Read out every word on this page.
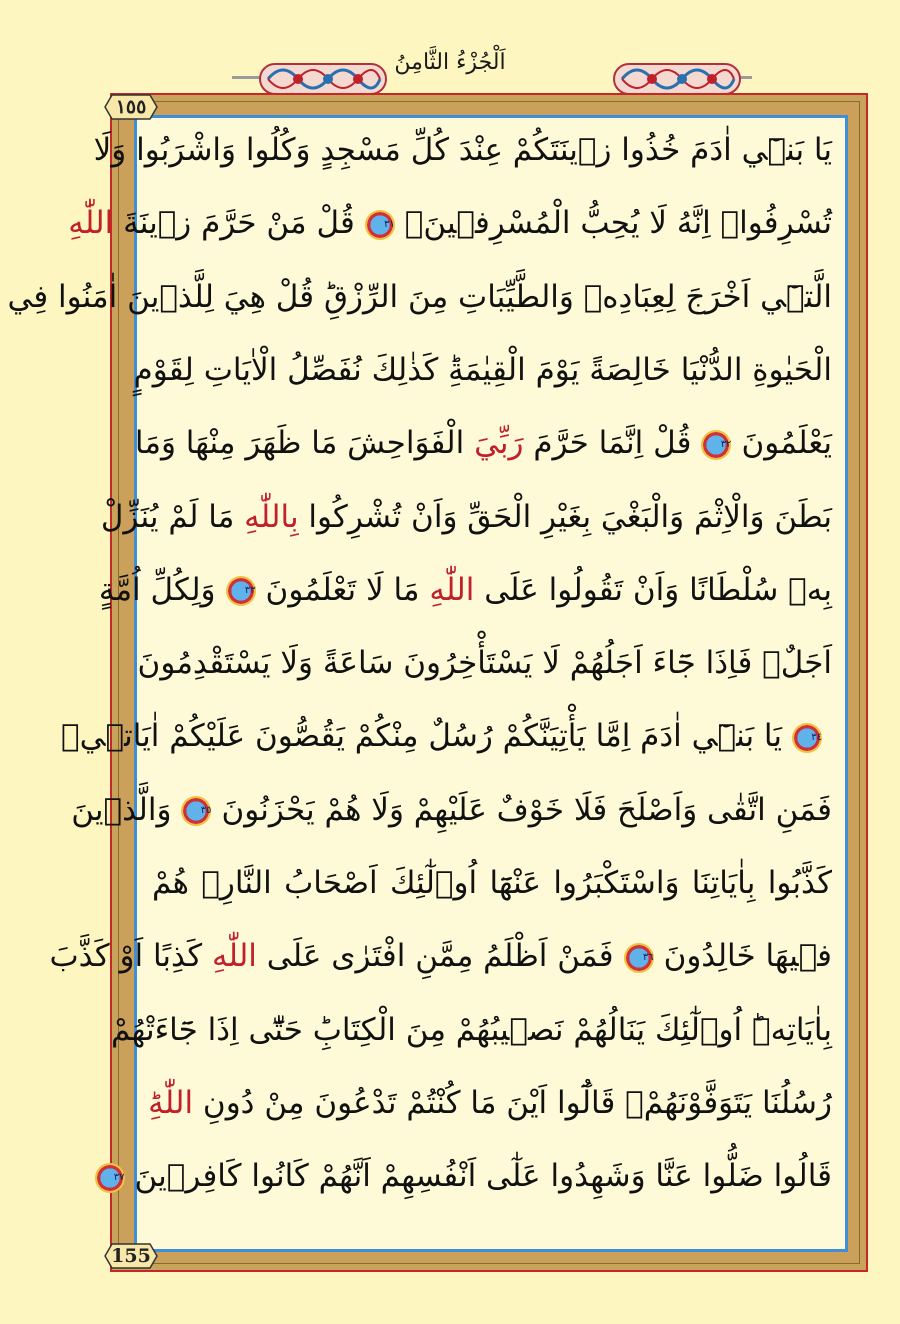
اَلْجُزْءُ الثَّامِنُ
١٥٥
155
يَا بَنٖٓي اٰدَمَ خُذُوا زٖينَتَكُمْ عِنْدَ كُلِّ مَسْجِدٍ وَكُلُوا وَاشْرَبُوا وَلَا
تُسْرِفُواۚ اِنَّهُ لَا يُحِبُّ الْمُسْرِفٖينَ۟
٣١
قُلْ مَنْ حَرَّمَ زٖينَةَ اللّٰهِ
الَّتٖٓي اَخْرَجَ لِعِبَادِهٖ وَالطَّيِّبَاتِ مِنَ الرِّزْقِؕ قُلْ هِيَ لِلَّذٖينَ اٰمَنُوا فِي
الْحَيٰوةِ الدُّنْيَا خَالِصَةً يَوْمَ الْقِيٰمَةِؕ كَذٰلِكَ نُفَصِّلُ الْاٰيَاتِ لِقَوْمٍ
يَعْلَمُونَ
٣٢
قُلْ اِنَّمَا حَرَّمَ رَبِّيَ الْفَوَاحِشَ مَا ظَهَرَ مِنْهَا وَمَا
بَطَنَ وَالْاِثْمَ وَالْبَغْيَ بِغَيْرِ الْحَقِّ وَاَنْ تُشْرِكُوا بِاللّٰهِ مَا لَمْ يُنَزِّلْ
بِهٖ سُلْطَانًا وَاَنْ تَقُولُوا عَلَى اللّٰهِ مَا لَا تَعْلَمُونَ
٣٣
وَلِكُلِّ اُمَّةٍ
اَجَلٌۚ فَاِذَا جَٓاءَ اَجَلُهُمْ لَا يَسْتَأْخِرُونَ سَاعَةً وَلَا يَسْتَقْدِمُونَ
٣٤
يَا بَنٖٓي اٰدَمَ اِمَّا يَأْتِيَنَّكُمْ رُسُلٌ مِنْكُمْ يَقُصُّونَ عَلَيْكُمْ اٰيَاتٖيۙ
فَمَنِ اتَّقٰى وَاَصْلَحَ فَلَا خَوْفٌ عَلَيْهِمْ وَلَا هُمْ يَحْزَنُونَ
٣٥
وَالَّذٖينَ
كَذَّبُوا بِاٰيَاتِنَا وَاسْتَكْبَرُوا عَنْهَٓا اُو۬لٰٓئِكَ اَصْحَابُ النَّارِۚ هُمْ
فٖيهَا خَالِدُونَ
٣٦
فَمَنْ اَظْلَمُ مِمَّنِ افْتَرٰى عَلَى اللّٰهِ كَذِبًا اَوْ كَذَّبَ
بِاٰيَاتِهٖؕ اُو۬لٰٓئِكَ يَنَالُهُمْ نَصٖيبُهُمْ مِنَ الْكِتَابِؕ حَتّٰٓى اِذَا جَٓاءَتْهُمْ
رُسُلُنَا يَتَوَفَّوْنَهُمْۙ قَالُٓوا اَيْنَ مَا كُنْتُمْ تَدْعُونَ مِنْ دُونِ اللّٰهِؕ
قَالُوا ضَلُّوا عَنَّا وَشَهِدُوا عَلٰٓى اَنْفُسِهِمْ اَنَّهُمْ كَانُوا كَافِرٖينَ
٣٧
